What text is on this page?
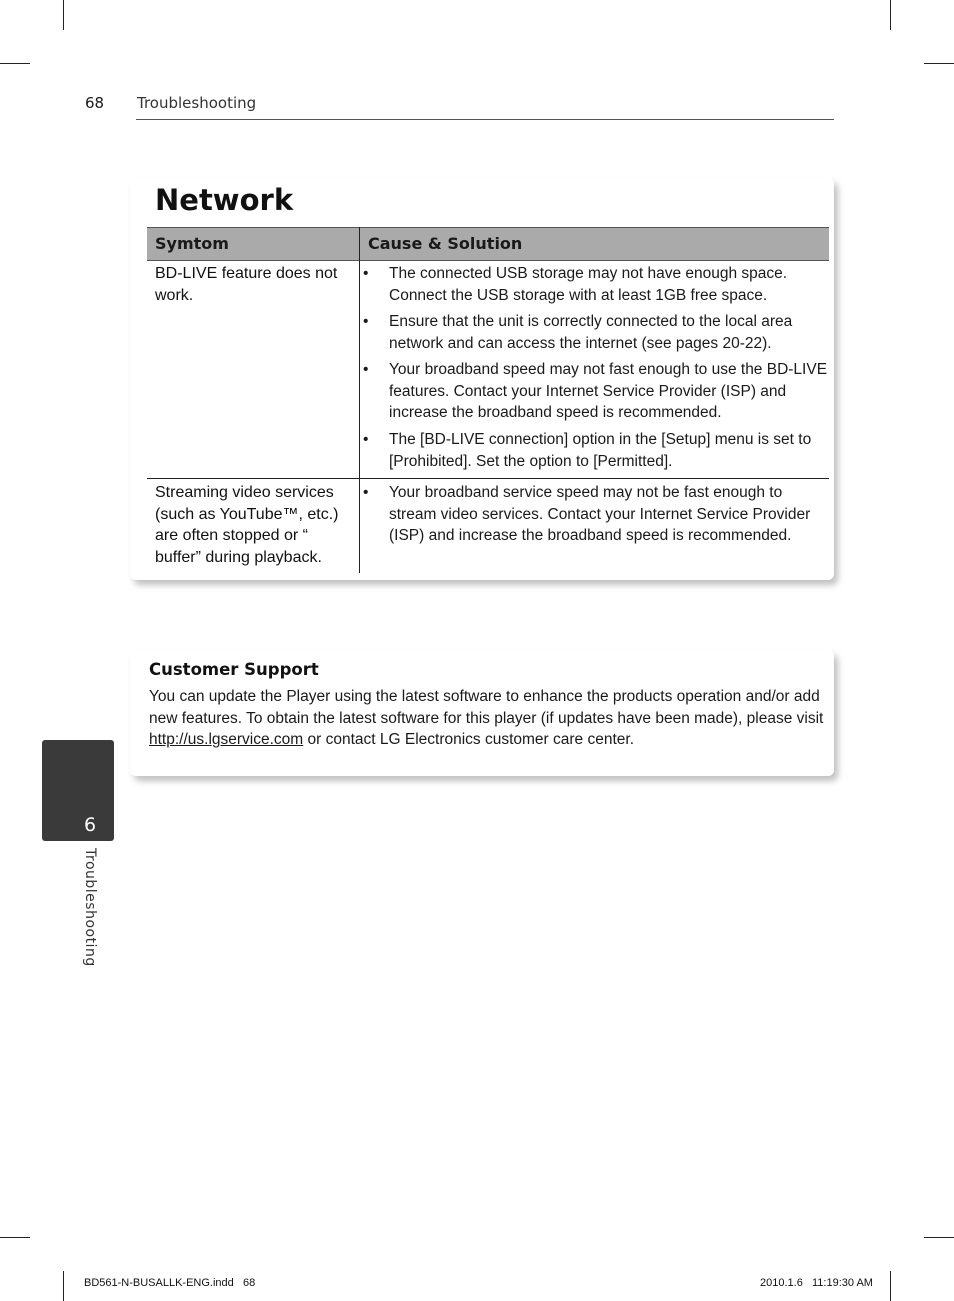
68 Troubleshooting
Network
Symtom	Cause & Solution
BD-LIVE feature does not work.
• The connected USB storage may not have enough space. Connect the USB storage with at least 1GB free space.
• Ensure that the unit is correctly connected to the local area network and can access the internet (see pages 20-22).
• Your broadband speed may not fast enough to use the BD-LIVE features. Contact your Internet Service Provider (ISP) and increase the broadband speed is recommended.
• The [BD-LIVE connection] option in the [Setup] menu is set to [Prohibited]. Set the option to [Permitted].
Streaming video services (such as YouTube™, etc.) are often stopped or “ buffer” during playback.
• Your broadband service speed may not be fast enough to stream video services. Contact your Internet Service Provider (ISP) and increase the broadband speed is recommended.
Customer Support
You can update the Player using the latest software to enhance the products operation and/or add new features. To obtain the latest software for this player (if updates have been made), please visit http://us.lgservice.com or contact LG Electronics customer care center.
6
Troubleshooting
BD561-N-BUSALLK-ENG.indd   68	2010.1.6   11:19:30 AM
